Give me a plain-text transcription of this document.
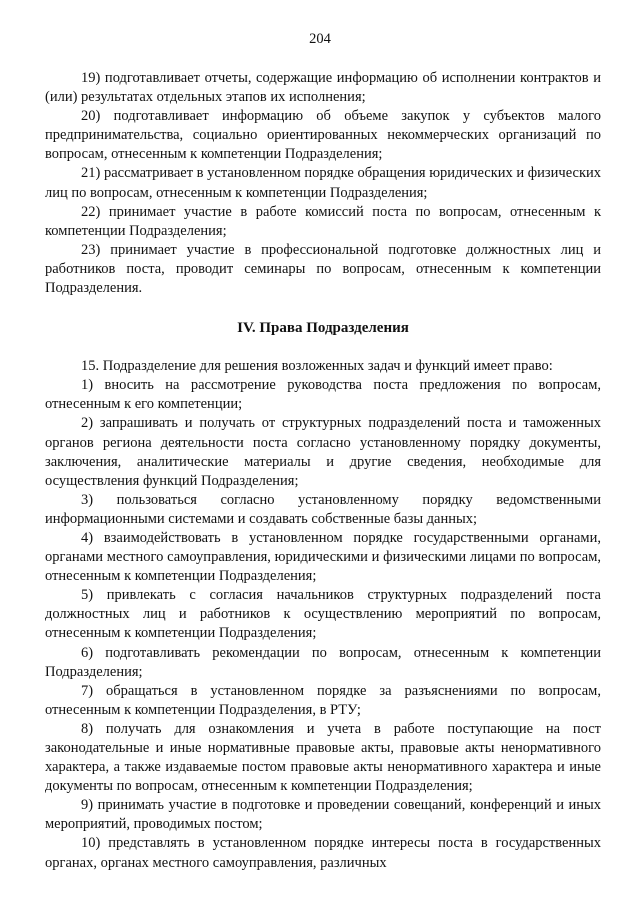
204

19) подготавливает отчеты, содержащие информацию об исполнении контрактов и (или) результатах отдельных этапов их исполнения;

20) подготавливает информацию об объеме закупок у субъектов малого предпринимательства, социально ориентированных некоммерческих организаций по вопросам, отнесенным к компетенции Подразделения;

21) рассматривает в установленном порядке обращения юридических и физических лиц по вопросам, отнесенным к компетенции Подразделения;

22) принимает участие в работе комиссий поста по вопросам, отнесенным к компетенции Подразделения;

23) принимает участие в профессиональной подготовке должностных лиц и работников поста, проводит семинары по вопросам, отнесенным к компетенции Подразделения.

IV. Права Подразделения

15. Подразделение для решения возложенных задач и функций имеет право:

1) вносить на рассмотрение руководства поста предложения по вопросам, отнесенным к его компетенции;

2) запрашивать и получать от структурных подразделений поста и таможенных органов региона деятельности поста согласно установленному порядку документы, заключения, аналитические материалы и другие сведения, необходимые для осуществления функций Подразделения;

3) пользоваться согласно установленному порядку ведомственными информационными системами и создавать собственные базы данных;

4) взаимодействовать в установленном порядке государственными органами, органами местного самоуправления, юридическими и физическими лицами по вопросам, отнесенным к компетенции Подразделения;

5) привлекать с согласия начальников структурных подразделений поста должностных лиц и работников к осуществлению мероприятий по вопросам, отнесенным к компетенции Подразделения;

6) подготавливать рекомендации по вопросам, отнесенным к компетенции Подразделения;

7) обращаться в установленном порядке за разъяснениями по вопросам, отнесенным к компетенции Подразделения, в РТУ;

8) получать для ознакомления и учета в работе поступающие на пост законодательные и иные нормативные правовые акты, правовые акты ненормативного характера, а также издаваемые постом правовые акты ненормативного характера и иные документы по вопросам, отнесенным к компетенции Подразделения;

9) принимать участие в подготовке и проведении совещаний, конференций и иных мероприятий, проводимых постом;

10) представлять в установленном порядке интересы поста в государственных органах, органах местного самоуправления, различных
